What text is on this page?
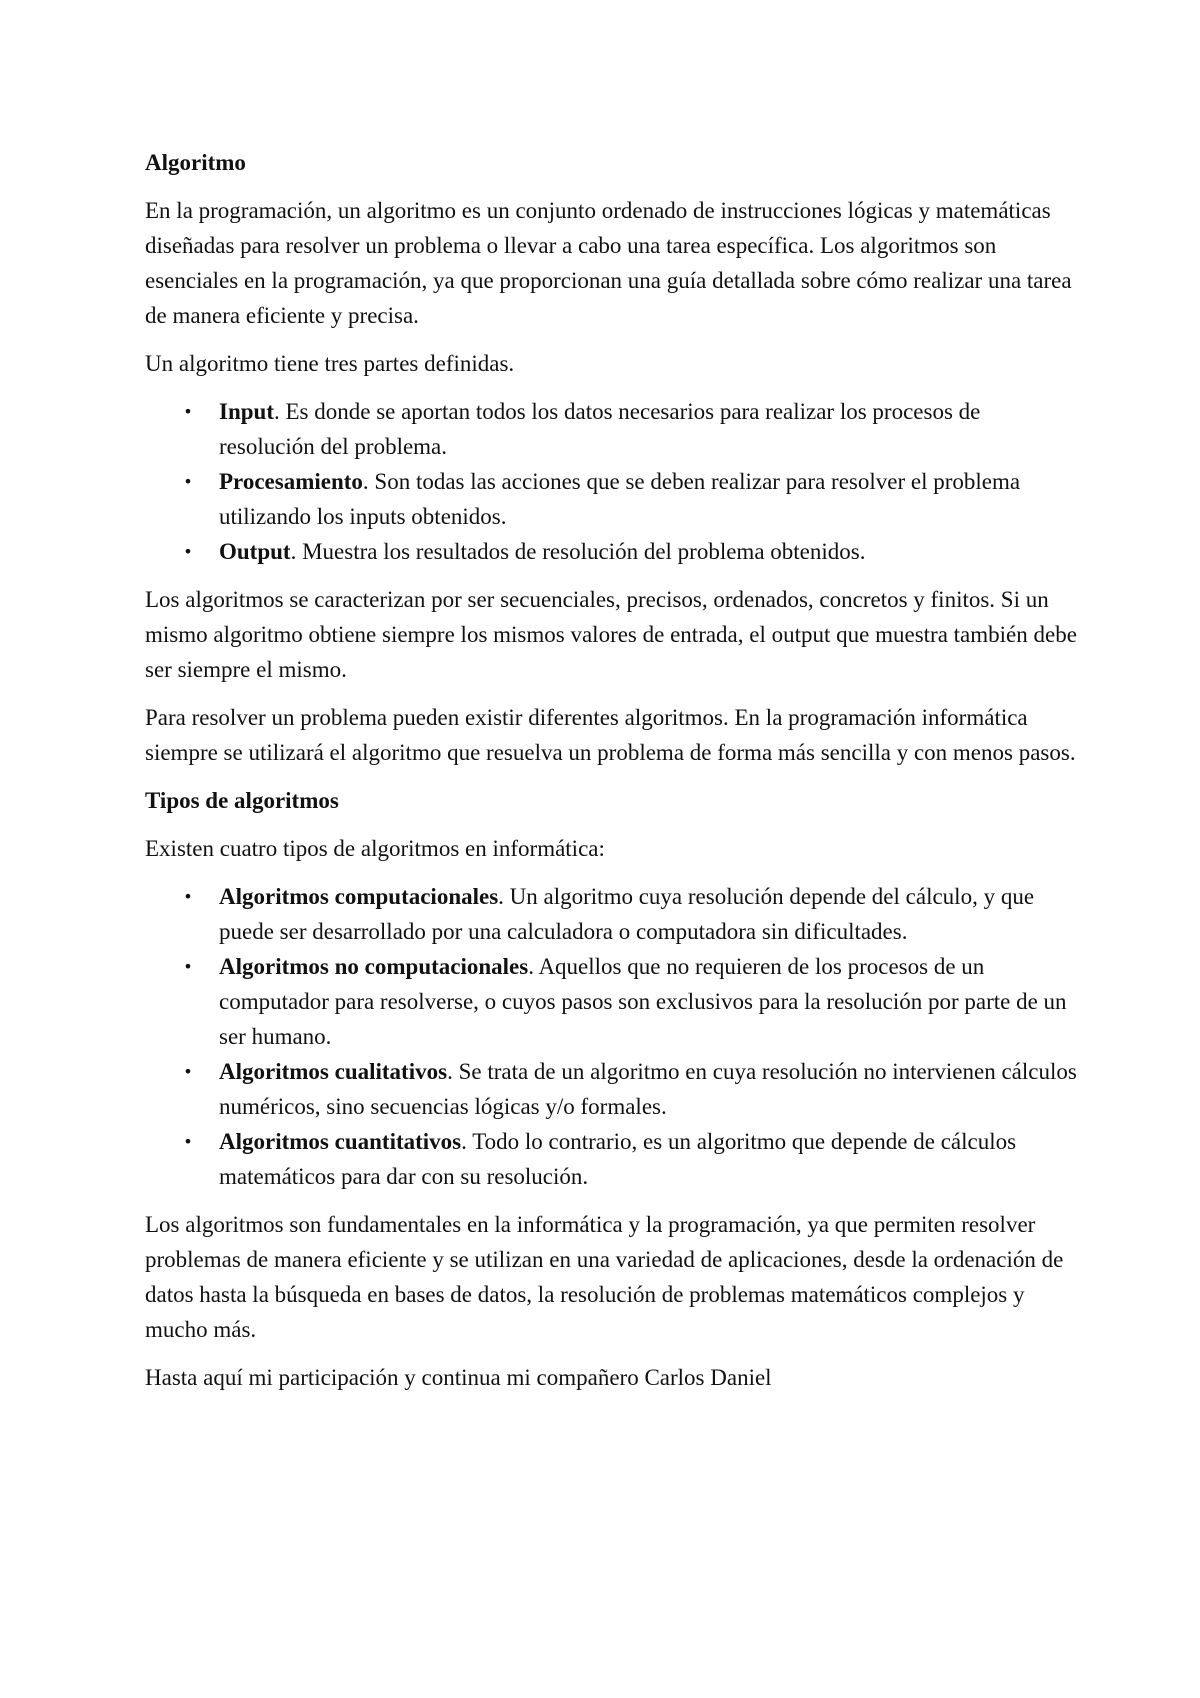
Algoritmo

En la programación, un algoritmo es un conjunto ordenado de instrucciones lógicas y matemáticas diseñadas para resolver un problema o llevar a cabo una tarea específica. Los algoritmos son esenciales en la programación, ya que proporcionan una guía detallada sobre cómo realizar una tarea de manera eficiente y precisa.

Un algoritmo tiene tres partes definidas.

• Input. Es donde se aportan todos los datos necesarios para realizar los procesos de resolución del problema.
• Procesamiento. Son todas las acciones que se deben realizar para resolver el problema utilizando los inputs obtenidos.
• Output. Muestra los resultados de resolución del problema obtenidos.

Los algoritmos se caracterizan por ser secuenciales, precisos, ordenados, concretos y finitos. Si un mismo algoritmo obtiene siempre los mismos valores de entrada, el output que muestra también debe ser siempre el mismo.

Para resolver un problema pueden existir diferentes algoritmos. En la programación informática siempre se utilizará el algoritmo que resuelva un problema de forma más sencilla y con menos pasos.

Tipos de algoritmos

Existen cuatro tipos de algoritmos en informática:

• Algoritmos computacionales. Un algoritmo cuya resolución depende del cálculo, y que puede ser desarrollado por una calculadora o computadora sin dificultades.
• Algoritmos no computacionales. Aquellos que no requieren de los procesos de un computador para resolverse, o cuyos pasos son exclusivos para la resolución por parte de un ser humano.
• Algoritmos cualitativos. Se trata de un algoritmo en cuya resolución no intervienen cálculos numéricos, sino secuencias lógicas y/o formales.
• Algoritmos cuantitativos. Todo lo contrario, es un algoritmo que depende de cálculos matemáticos para dar con su resolución.

Los algoritmos son fundamentales en la informática y la programación, ya que permiten resolver problemas de manera eficiente y se utilizan en una variedad de aplicaciones, desde la ordenación de datos hasta la búsqueda en bases de datos, la resolución de problemas matemáticos complejos y mucho más.

Hasta aquí mi participación y continua mi compañero Carlos Daniel
